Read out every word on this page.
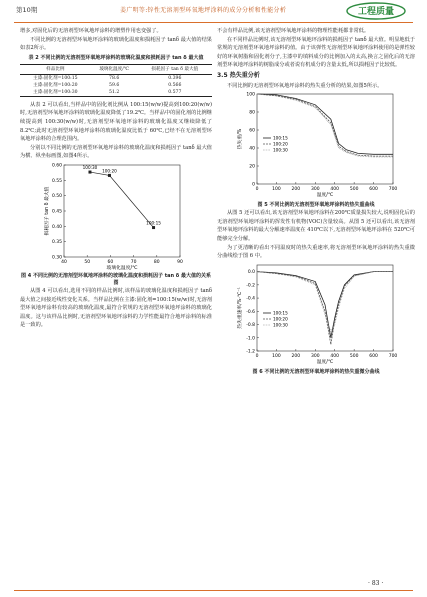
第10期	姜广明等:锌性无溶剂型环氧地坪涂料的成分分析和性能分析	工程质量

增多,对固化后的无溶剂型环氧地坪涂料的增塑作用也变强了。

不同比例的无溶剂型环氧地坪涂料的玻璃化温度和损耗因子 tanδ 最大值的结果如表2所示。

表 2 不同比例的无溶剂型环氧地坪涂料的玻璃化温度和损耗因子 tan δ 最大值
样品比例	玻璃化温度/℃	损耗因子 tan δ 最大值
主漆:固化剂=100:15	78.6	0.396
主漆:固化剂=100:20	59.6	0.566
主漆:固化剂=100:30	51.2	0.577

从表 2 可以看出,当样品中的固化剂比例从 100:15(w/w)提高到100:20(w/w)时,无溶剂型环氧地坪涂料的玻璃化温度降低了19.2℃。当样品中的固化剂的比例继续提高到 100:30(w/w)时,无溶剂型环氧地坪涂料的玻璃化温度又继续降低了 8.2℃;此时无溶剂型环氧地坪涂料的玻璃化温度比低于 60℃,已经不在无溶剂型环氧地坪涂料的合理范围内。

分别以不同比例的无溶剂型环氧地坪涂料的玻璃化温度和损耗因子 tanδ 最大值为横、纵坐标画图,如图4所示。

40	50	60	70	80	90
0.30
0.35
0.40
0.45
0.50
0.55
0.60
玻璃化温度/℃
损耗因子 tan δ 最大值
100:30
100:20
100:15
图 4 不同比例的无溶剂型环氧地坪涂料的玻璃化温度和损耗因子 tan δ 最大值的关系图

从图 4 可以看出,选用不同的样品比例时,该样品的玻璃化温度和损耗因子 tanδ 最大值之间接近线性变化关系。当样品比例在主漆:固化剂=100:15(w/w)时,无溶剂型环氧地坪涂料有较高的玻璃化温度,最符合常规的无溶剂型环氧地坪涂料的玻璃化温度。这与该样品比例时,无溶剂型环氧地坪涂料的力学性能最符合地坪涂料的标准是一致的。

不会有样品比例,该无溶剂型环氧地坪涂料的物理性能耗都非常低。

在不同样品比例时,该无溶剂型环氧地坪涂料的损耗因子 tanδ 最大值。明显地低于常规的无溶剂型环氧地坪涂料的值。由于该弹性无溶剂型环氧地坪涂料使用的是弹性较好的环氧树脂和固化剂分子,主漆中的填料成分的比例加入的太高,换言之固化后的无溶剂型环氧地坪涂料的树脂成分或者说有机成分的含量太低,所以损耗因子比较低。

3.5 热失重分析

不同比例的无溶剂型环氧地坪涂料的热失重分析的结果,如图5所示。

0	100 200 300 400 500 600 700
0
20
40
60
80
100
温度/℃
热失重/%	100:15
100:20
100:30
图 5 不同比例的无溶剂型环氧地坪涂料的热失重曲线

从图 5 还可以看出,该无溶剂型环氧地坪涂料在200℃质量损失较大,说明固化后的无溶剂型环氧地坪涂料的挥发性有机物(VOC)含量较高。从图 5 还可以看出,该无溶剂型环氧地坪涂料的最大分解速率温度在 410℃以下,无溶剂型环氧地坪涂料在 520℃可能够完全分解。

为了更清晰的看出不同温度时的热失重速率,将无溶剂型环氧地坪涂料的热失重微分曲线绘于图 6 中。

0	100 200 300 400 500 600 700
0.0
-0.2
-0.4
-0.6
-0.8
-1.0
-1.2
温度/℃
热失重速率/%·℃⁻¹	100:15
100:20
100:30
图 6 不同比例的无溶剂型环氧地坪涂料的热失重微分曲线
· 83 ·
